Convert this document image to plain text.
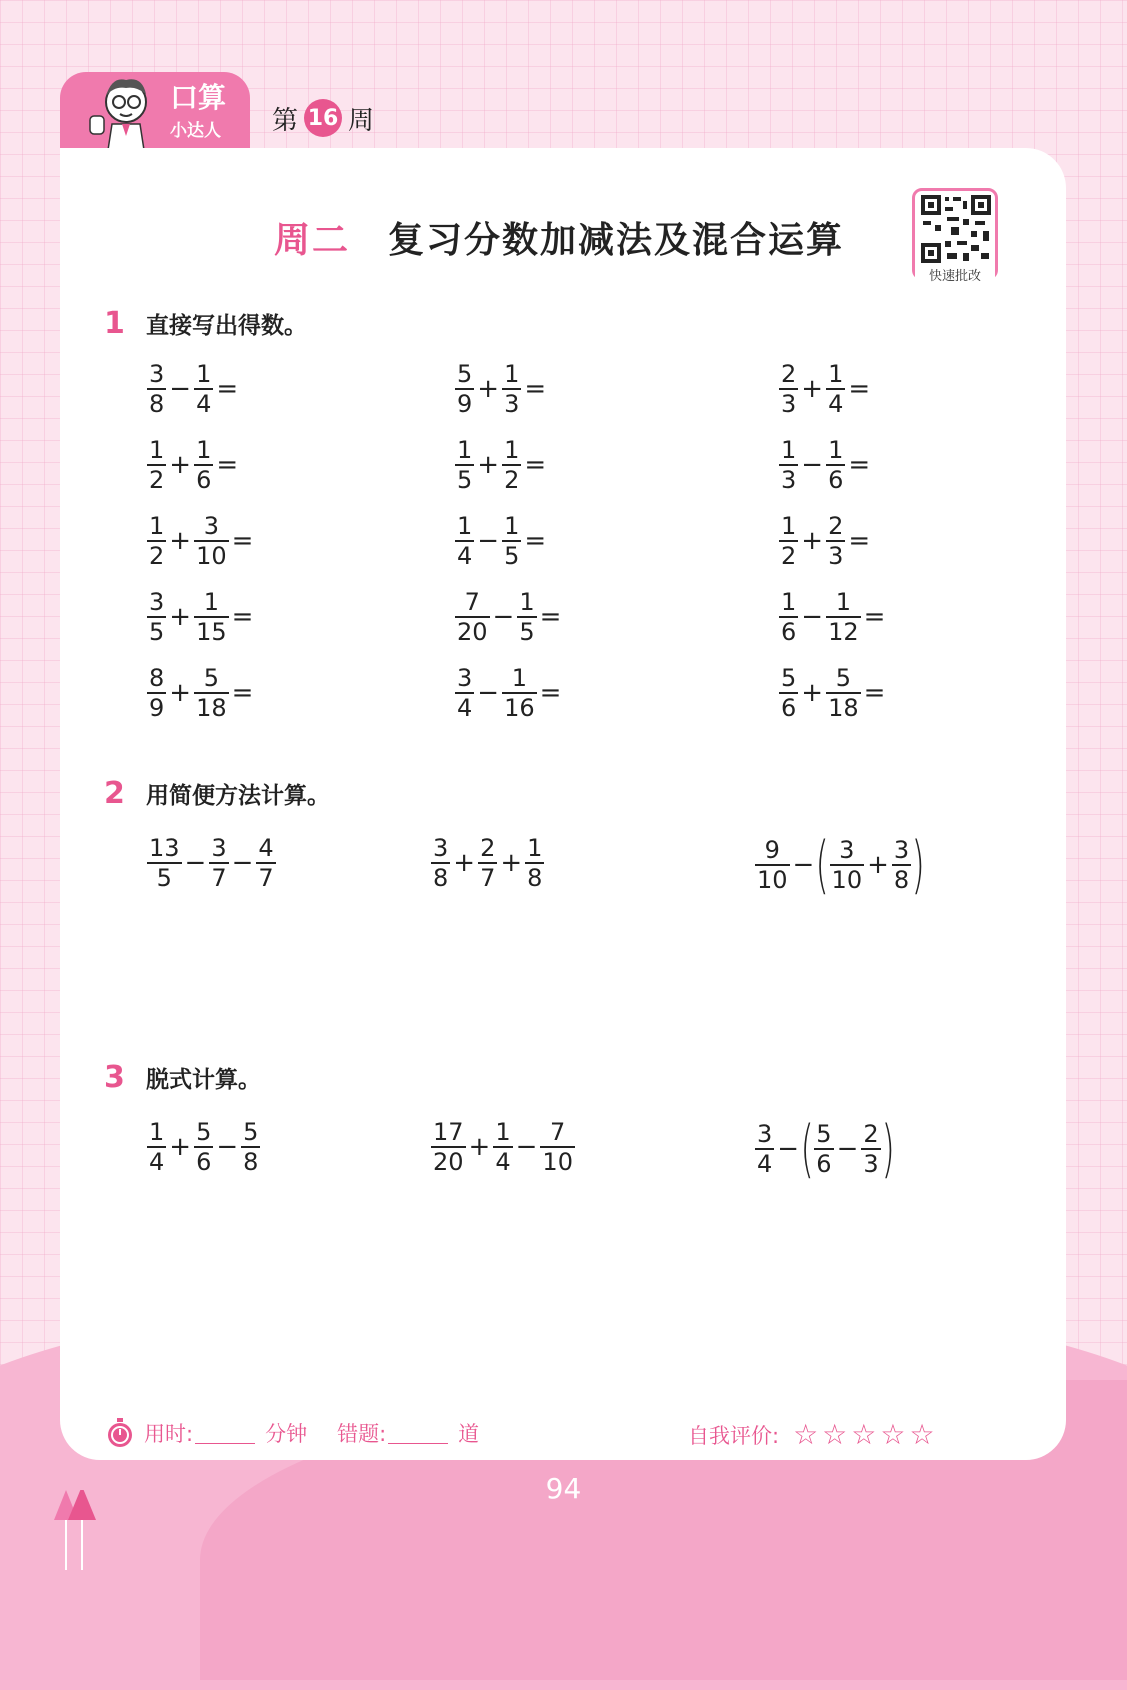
口算
小达人 第 16 周
周二 复习分数加减法及混合运算
快速批改
1 直接写出得数。
2 用简便方法计算。
3 脱式计算。
$\frac{3}{8} - \frac{1}{4}$ =	$\frac{5}{9} + \frac{1}{3}$ =	$\frac{2}{3} + \frac{1}{4}$ =
$\frac{1}{2} + \frac{1}{6}$ =	$\frac{1}{5} + \frac{1}{2}$ =	$\frac{1}{3} - \frac{1}{6}$ =
$\frac{1}{2} + \frac{3}{10}$ =	$\frac{1}{4} - \frac{1}{5}$ =	$\frac{1}{2} + \frac{2}{3}$ =
$\frac{3}{5} + \frac{1}{15}$ =	$\frac{7}{20} - \frac{1}{5}$ =	$\frac{1}{6} - \frac{1}{12}$ =
$\frac{8}{9} + \frac{5}{18}$ =	$\frac{3}{4} - \frac{1}{16}$ =	$\frac{5}{6} + \frac{5}{18}$ =
$\frac{13}{5} - \frac{3}{7} - \frac{4}{7}$	$\frac{3}{8} + \frac{2}{7} + \frac{1}{8}$	$\frac{9}{10}$ − ( $\frac{3}{10} + \frac{3}{8}$ )
$\frac{1}{4} + \frac{5}{6} - \frac{5}{8}$	$\frac{17}{20} + \frac{1}{4} - \frac{7}{10}$	$\frac{3}{4}$ − ( $\frac{5}{6} - \frac{2}{3}$ )
用时:	分钟 错题:	道	自我评价: ☆☆☆☆☆
94
